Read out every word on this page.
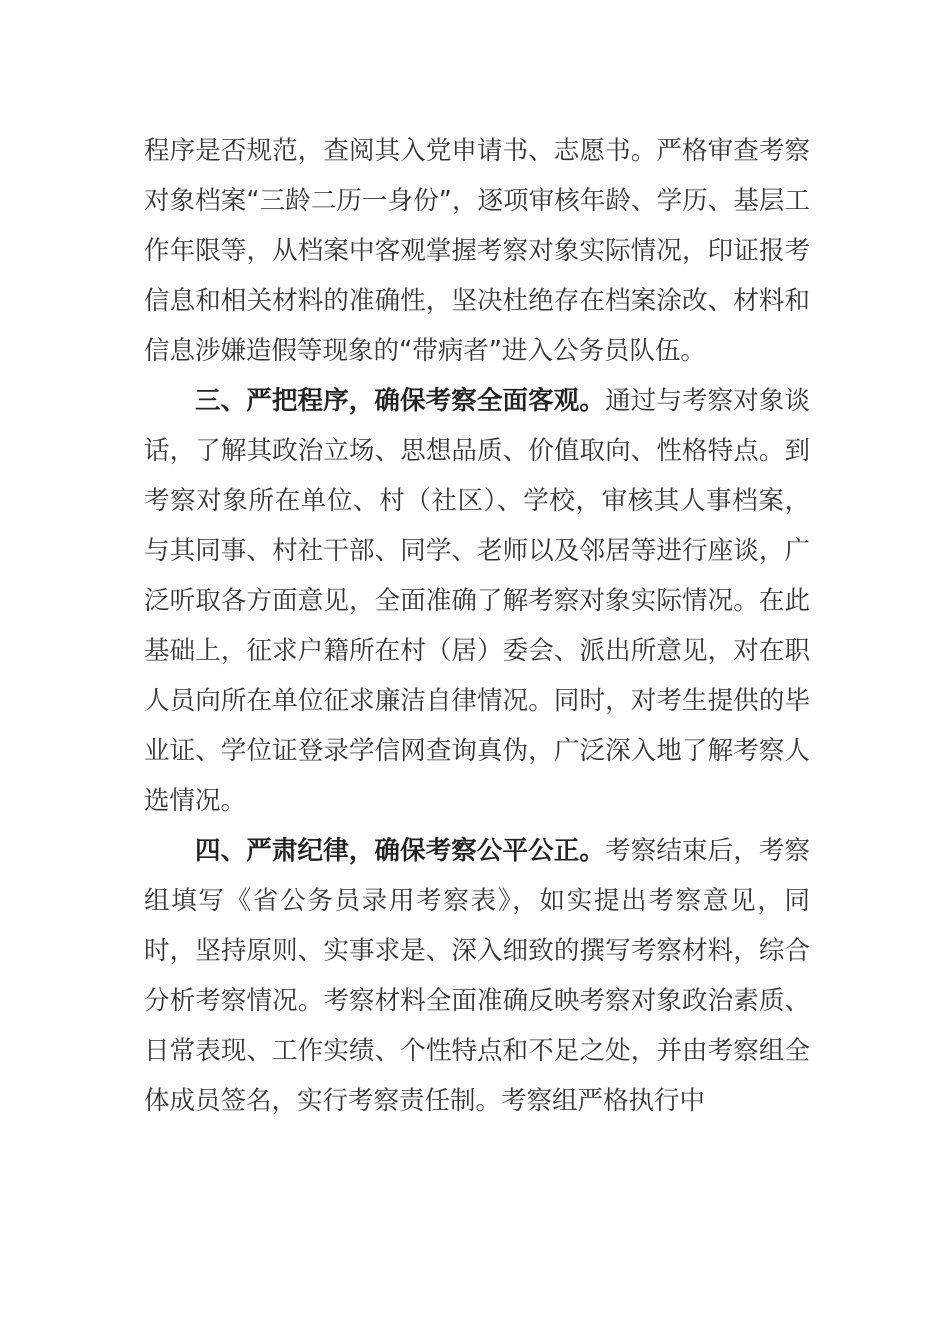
程序是否规范，查阅其入党申请书、志愿书。严格审查考察对象档案“三龄二历一身份”，逐项审核年龄、学历、基层工作年限等，从档案中客观掌握考察对象实际情况，印证报考信息和相关材料的准确性，坚决杜绝存在档案涂改、材料和信息涉嫌造假等现象的“带病者”进入公务员队伍。

三、严把程序，确保考察全面客观。通过与考察对象谈话，了解其政治立场、思想品质、价值取向、性格特点。到考察对象所在单位、村（社区）、学校，审核其人事档案，与其同事、村社干部、同学、老师以及邻居等进行座谈，广泛听取各方面意见，全面准确了解考察对象实际情况。在此基础上，征求户籍所在村（居）委会、派出所意见，对在职人员向所在单位征求廉洁自律情况。同时，对考生提供的毕业证、学位证登录学信网查询真伪，广泛深入地了解考察人选情况。

四、严肃纪律，确保考察公平公正。考察结束后，考察组填写《省公务员录用考察表》，如实提出考察意见，同时，坚持原则、实事求是、深入细致的撰写考察材料，综合分析考察情况。考察材料全面准确反映考察对象政治素质、日常表现、工作实绩、个性特点和不足之处，并由考察组全体成员签名，实行考察责任制。考察组严格执行中
